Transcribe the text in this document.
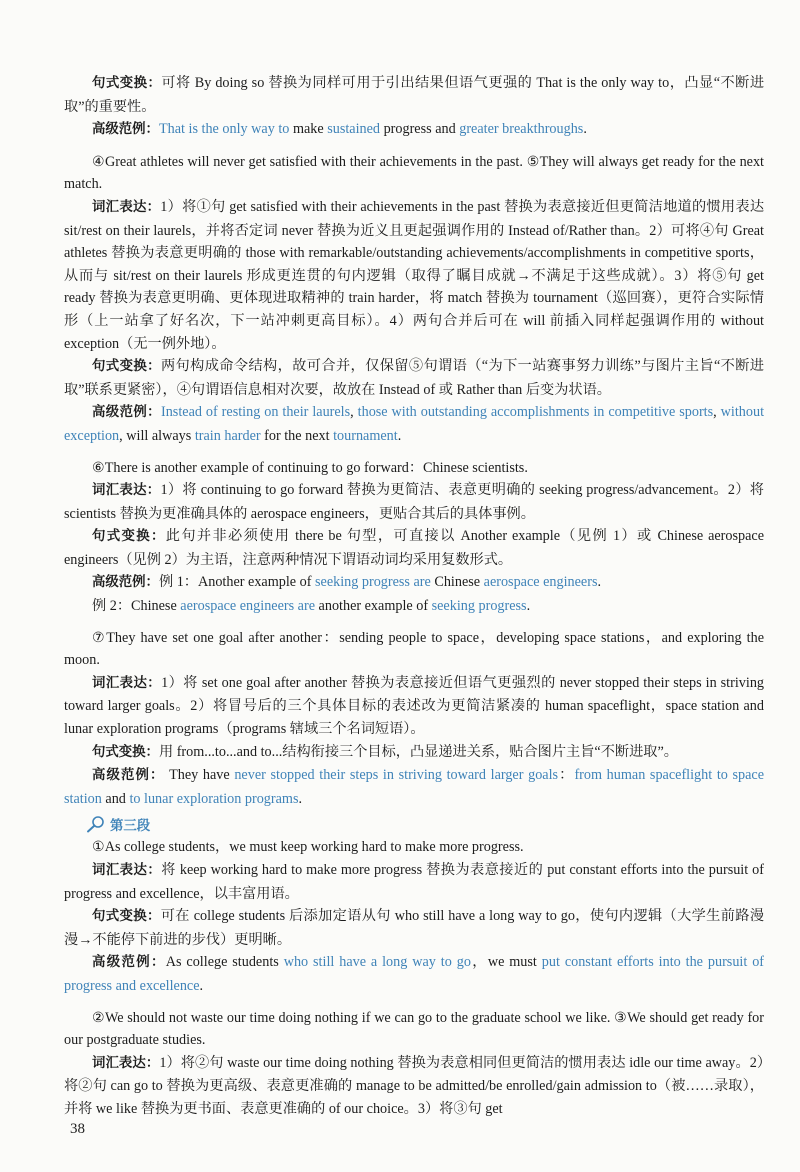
句式变换：可将 By doing so 替换为同样可用于引出结果但语气更强的 That is the only way to，凸显“不断进取”的重要性。

高级范例：That is the only way to make sustained progress and greater breakthroughs.

④Great athletes will never get satisfied with their achievements in the past. ⑤They will always get ready for the next match.

词汇表达：1）将①句 get satisfied with their achievements in the past 替换为表意接近但更简洁地道的惯用表达 sit/rest on their laurels，并将否定词 never 替换为近义且更起强调作用的 Instead of/Rather than。2）可将④句 Great athletes 替换为表意更明确的 those with remarkable/outstanding achievements/accomplishments in competitive sports，从而与 sit/rest on their laurels 形成更连贯的句内逻辑（取得了瞩目成就→不满足于这些成就）。3）将⑤句 get ready 替换为表意更明确、更体现进取精神的 train harder，将 match 替换为 tournament（巡回赛），更符合实际情形（上一站拿了好名次，下一站冲刺更高目标）。4）两句合并后可在 will 前插入同样起强调作用的 without exception（无一例外地）。

句式变换：两句构成命令结构，故可合并，仅保留⑤句谓语（“为下一站赛事努力训练”与图片主旨“不断进取”联系更紧密），④句谓语信息相对次要，故放在 Instead of 或 Rather than 后变为状语。

高级范例：Instead of resting on their laurels, those with outstanding accomplishments in competitive sports, without exception, will always train harder for the next tournament.

⑥There is another example of continuing to go forward：Chinese scientists.

词汇表达：1）将 continuing to go forward 替换为更简洁、表意更明确的 seeking progress/advancement。2）将 scientists 替换为更准确具体的 aerospace engineers，更贴合其后的具体事例。

句式变换：此句并非必须使用 there be 句型，可直接以 Another example（见例 1）或 Chinese aerospace engineers（见例 2）为主语，注意两种情况下谓语动词均采用复数形式。

高级范例：例 1：Another example of seeking progress are Chinese aerospace engineers.

例 2：Chinese aerospace engineers are another example of seeking progress.

⑦They have set one goal after another：sending people to space，developing space stations，and exploring the moon.

词汇表达：1）将 set one goal after another 替换为表意接近但语气更强烈的 never stopped their steps in striving toward larger goals。2）将冒号后的三个具体目标的表述改为更简洁紧凑的 human spaceflight，space station and lunar exploration programs（programs 辖域三个名词短语）。

句式变换：用 from...to...and to...结构衔接三个目标，凸显递进关系，贴合图片主旨“不断进取”。

高级范例： They have never stopped their steps in striving toward larger goals：from human spaceflight to space station and to lunar exploration programs.

第三段

①As college students，we must keep working hard to make more progress.

词汇表达：将 keep working hard to make more progress 替换为表意接近的 put constant efforts into the pursuit of progress and excellence，以丰富用语。

句式变换：可在 college students 后添加定语从句 who still have a long way to go，使句内逻辑（大学生前路漫漫→不能停下前进的步伐）更明晰。

高级范例：As college students who still have a long way to go，we must put constant efforts into the pursuit of progress and excellence.

②We should not waste our time doing nothing if we can go to the graduate school we like. ③We should get ready for our postgraduate studies.

词汇表达：1）将②句 waste our time doing nothing 替换为表意相同但更简洁的惯用表达 idle our time away。2）将②句 can go to 替换为更高级、表意更准确的 manage to be admitted/be enrolled/gain admission to（被……录取），并将 we like 替换为更书面、表意更准确的 of our choice。3）将③句 get

38
